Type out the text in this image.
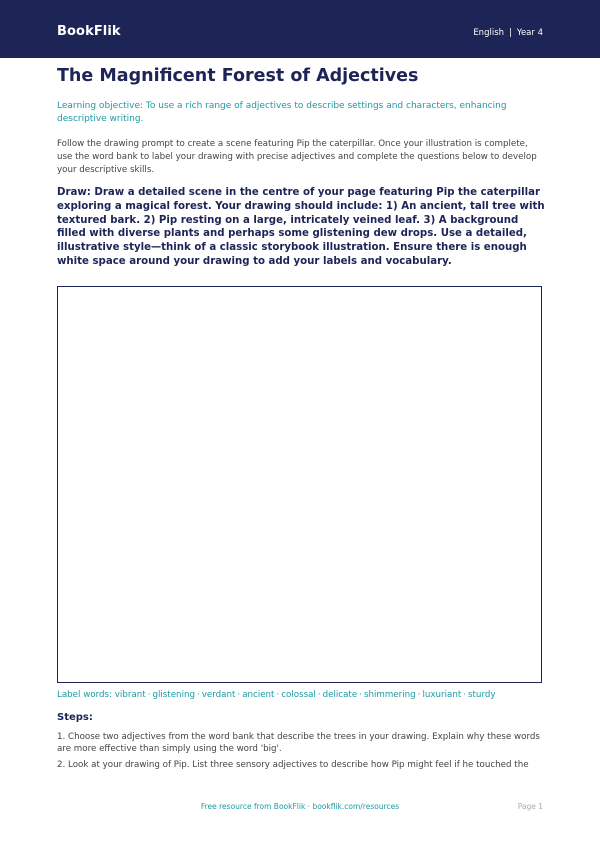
BookFlik	English | Year 4
The Magnificent Forest of Adjectives
Learning objective: To use a rich range of adjectives to describe settings and characters, enhancing descriptive writing.
Follow the drawing prompt to create a scene featuring Pip the caterpillar. Once your illustration is complete, use the word bank to label your drawing with precise adjectives and complete the questions below to develop your descriptive skills.
Draw: Draw a detailed scene in the centre of your page featuring Pip the caterpillar exploring a magical forest. Your drawing should include: 1) An ancient, tall tree with textured bark. 2) Pip resting on a large, intricately veined leaf. 3) A background filled with diverse plants and perhaps some glistening dew drops. Use a detailed, illustrative style—think of a classic storybook illustration. Ensure there is enough white space around your drawing to add your labels and vocabulary.
Label words: vibrant · glistening · verdant · ancient · colossal · delicate · shimmering · luxuriant · sturdy
Steps:
1. Choose two adjectives from the word bank that describe the trees in your drawing. Explain why these words are more effective than simply using the word 'big'.
2. Look at your drawing of Pip. List three sensory adjectives to describe how Pip might feel if he touched the
Free resource from BookFlik · bookflik.com/resources	Page 1
